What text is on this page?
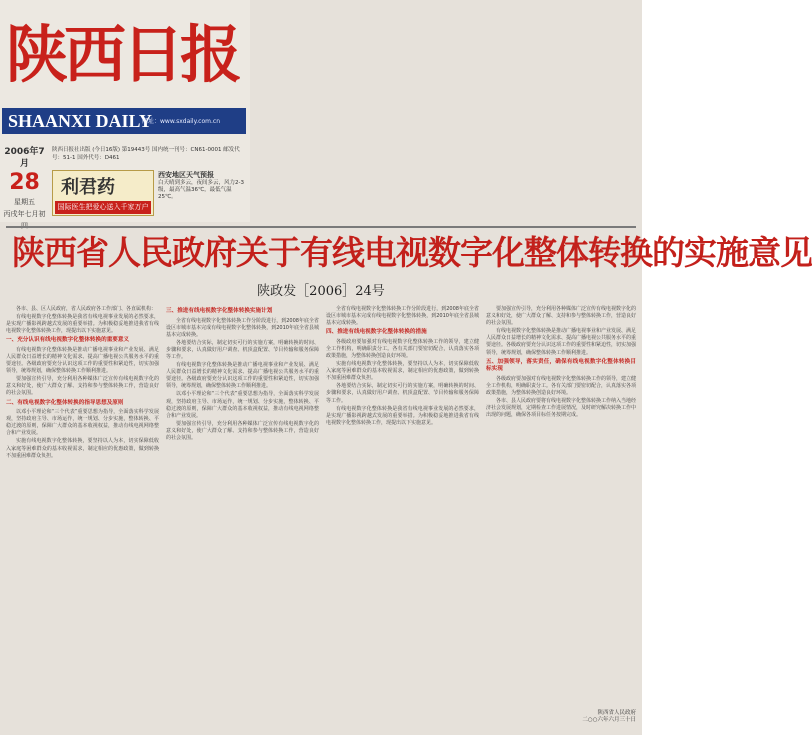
陕西日报
SHAANXI DAILY
网址：www.sxdaily.com.cn
2006年7月
28
星期五
丙戌年七月初
陕西日报社出版 (今日16版) 第19443号 国内统一刊号：CN61-0001 邮发代号：51-1 国外代号：D461
利君药
国际医生把爱心送入千家万户
西安地区天气预报
白天晴到多云，夜间多云，风力2-3级，最高气温36℃，最低气温25℃。
陕西省人民政府关于有线电视数字化整体转换的实施意见
陕政发［2006］24号

各市、县、区人民政府，省人民政府各工作部门、各直属机构：

有线电视数字化整体转换是我省有线电视事业发展的必然要求，是实现广播影视跨越式发展的重要举措。为积极稳妥地推进我省有线电视数字化整体转换工作，现提出以下实施意见。

一、充分认识有线电视数字化整体转换的重要意义

有线电视数字化整体转换是推动广播电视事业和产业发展、满足人民群众日益增长的精神文化需求、提高广播电视公共服务水平的重要途径。各级政府要充分认识这项工作的重要性和紧迫性，切实加强领导，统筹规划，确保整体转换工作顺利推进。

要加强宣传引导，充分利用各种媒体广泛宣传有线电视数字化的意义和好处，使广大群众了解、支持和参与整体转换工作，营造良好的社会氛围。

二、有线电视数字化整体转换的指导思想及原则

以邓小平理论和“三个代表”重要思想为指导，全面落实科学发展观，坚持政府主导、市场运作，统一规划、分步实施，整体转换、平稳过渡的原则，保障广大群众的基本收视权益，推动有线电视网络整合和产业发展。

实施有线电视数字化整体转换，要坚持以人为本，切实保障低收入家庭等困难群众的基本收视需求，制定相应的优惠政策，做到转换不加重困难群众负担。

三、推进有线电视数字化整体转换实施计划

全省有线电视数字化整体转换工作分阶段进行，到2008年底全省设区市城市基本完成有线电视数字化整体转换，到2010年底全省县城基本完成转换。

各地要结合实际，制定切实可行的实施方案，明确转换的时间、步骤和要求，认真做好用户调查、机顶盒配置、节目传输和服务保障等工作。

有线电视数字化整体转换是推动广播电视事业和产业发展、满足人民群众日益增长的精神文化需求、提高广播电视公共服务水平的重要途径。各级政府要充分认识这项工作的重要性和紧迫性，切实加强领导，统筹规划，确保整体转换工作顺利推进。

以邓小平理论和“三个代表”重要思想为指导，全面落实科学发展观，坚持政府主导、市场运作，统一规划、分步实施，整体转换、平稳过渡的原则，保障广大群众的基本收视权益，推动有线电视网络整合和产业发展。

要加强宣传引导，充分利用各种媒体广泛宣传有线电视数字化的意义和好处，使广大群众了解、支持和参与整体转换工作，营造良好的社会氛围。

全省有线电视数字化整体转换工作分阶段进行，到2008年底全省设区市城市基本完成有线电视数字化整体转换，到2010年底全省县城基本完成转换。

四、推进有线电视数字化整体转换的措施

各级政府要加强对有线电视数字化整体转换工作的领导，建立健全工作机构，明确职责分工。各有关部门要密切配合，认真落实各项政策措施，为整体转换创造良好环境。

实施有线电视数字化整体转换，要坚持以人为本，切实保障低收入家庭等困难群众的基本收视需求，制定相应的优惠政策，做到转换不加重困难群众负担。

各地要结合实际，制定切实可行的实施方案，明确转换的时间、步骤和要求，认真做好用户调查、机顶盒配置、节目传输和服务保障等工作。

有线电视数字化整体转换是我省有线电视事业发展的必然要求，是实现广播影视跨越式发展的重要举措。为积极稳妥地推进我省有线电视数字化整体转换工作，现提出以下实施意见。

要加强宣传引导，充分利用各种媒体广泛宣传有线电视数字化的意义和好处，使广大群众了解、支持和参与整体转换工作，营造良好的社会氛围。

有线电视数字化整体转换是推动广播电视事业和产业发展、满足人民群众日益增长的精神文化需求、提高广播电视公共服务水平的重要途径。各级政府要充分认识这项工作的重要性和紧迫性，切实加强领导，统筹规划，确保整体转换工作顺利推进。

五、加强领导，落实责任，确保有线电视数字化整体转换目标实现

各级政府要加强对有线电视数字化整体转换工作的领导，建立健全工作机构，明确职责分工。各有关部门要密切配合，认真落实各项政策措施，为整体转换创造良好环境。

各市、县人民政府要将有线电视数字化整体转换工作纳入当地经济社会发展规划，定期检查工作进展情况，及时研究解决转换工作中出现的问题，确保各项目标任务按期完成。

陕西省人民政府
二○○六年六月三十日
